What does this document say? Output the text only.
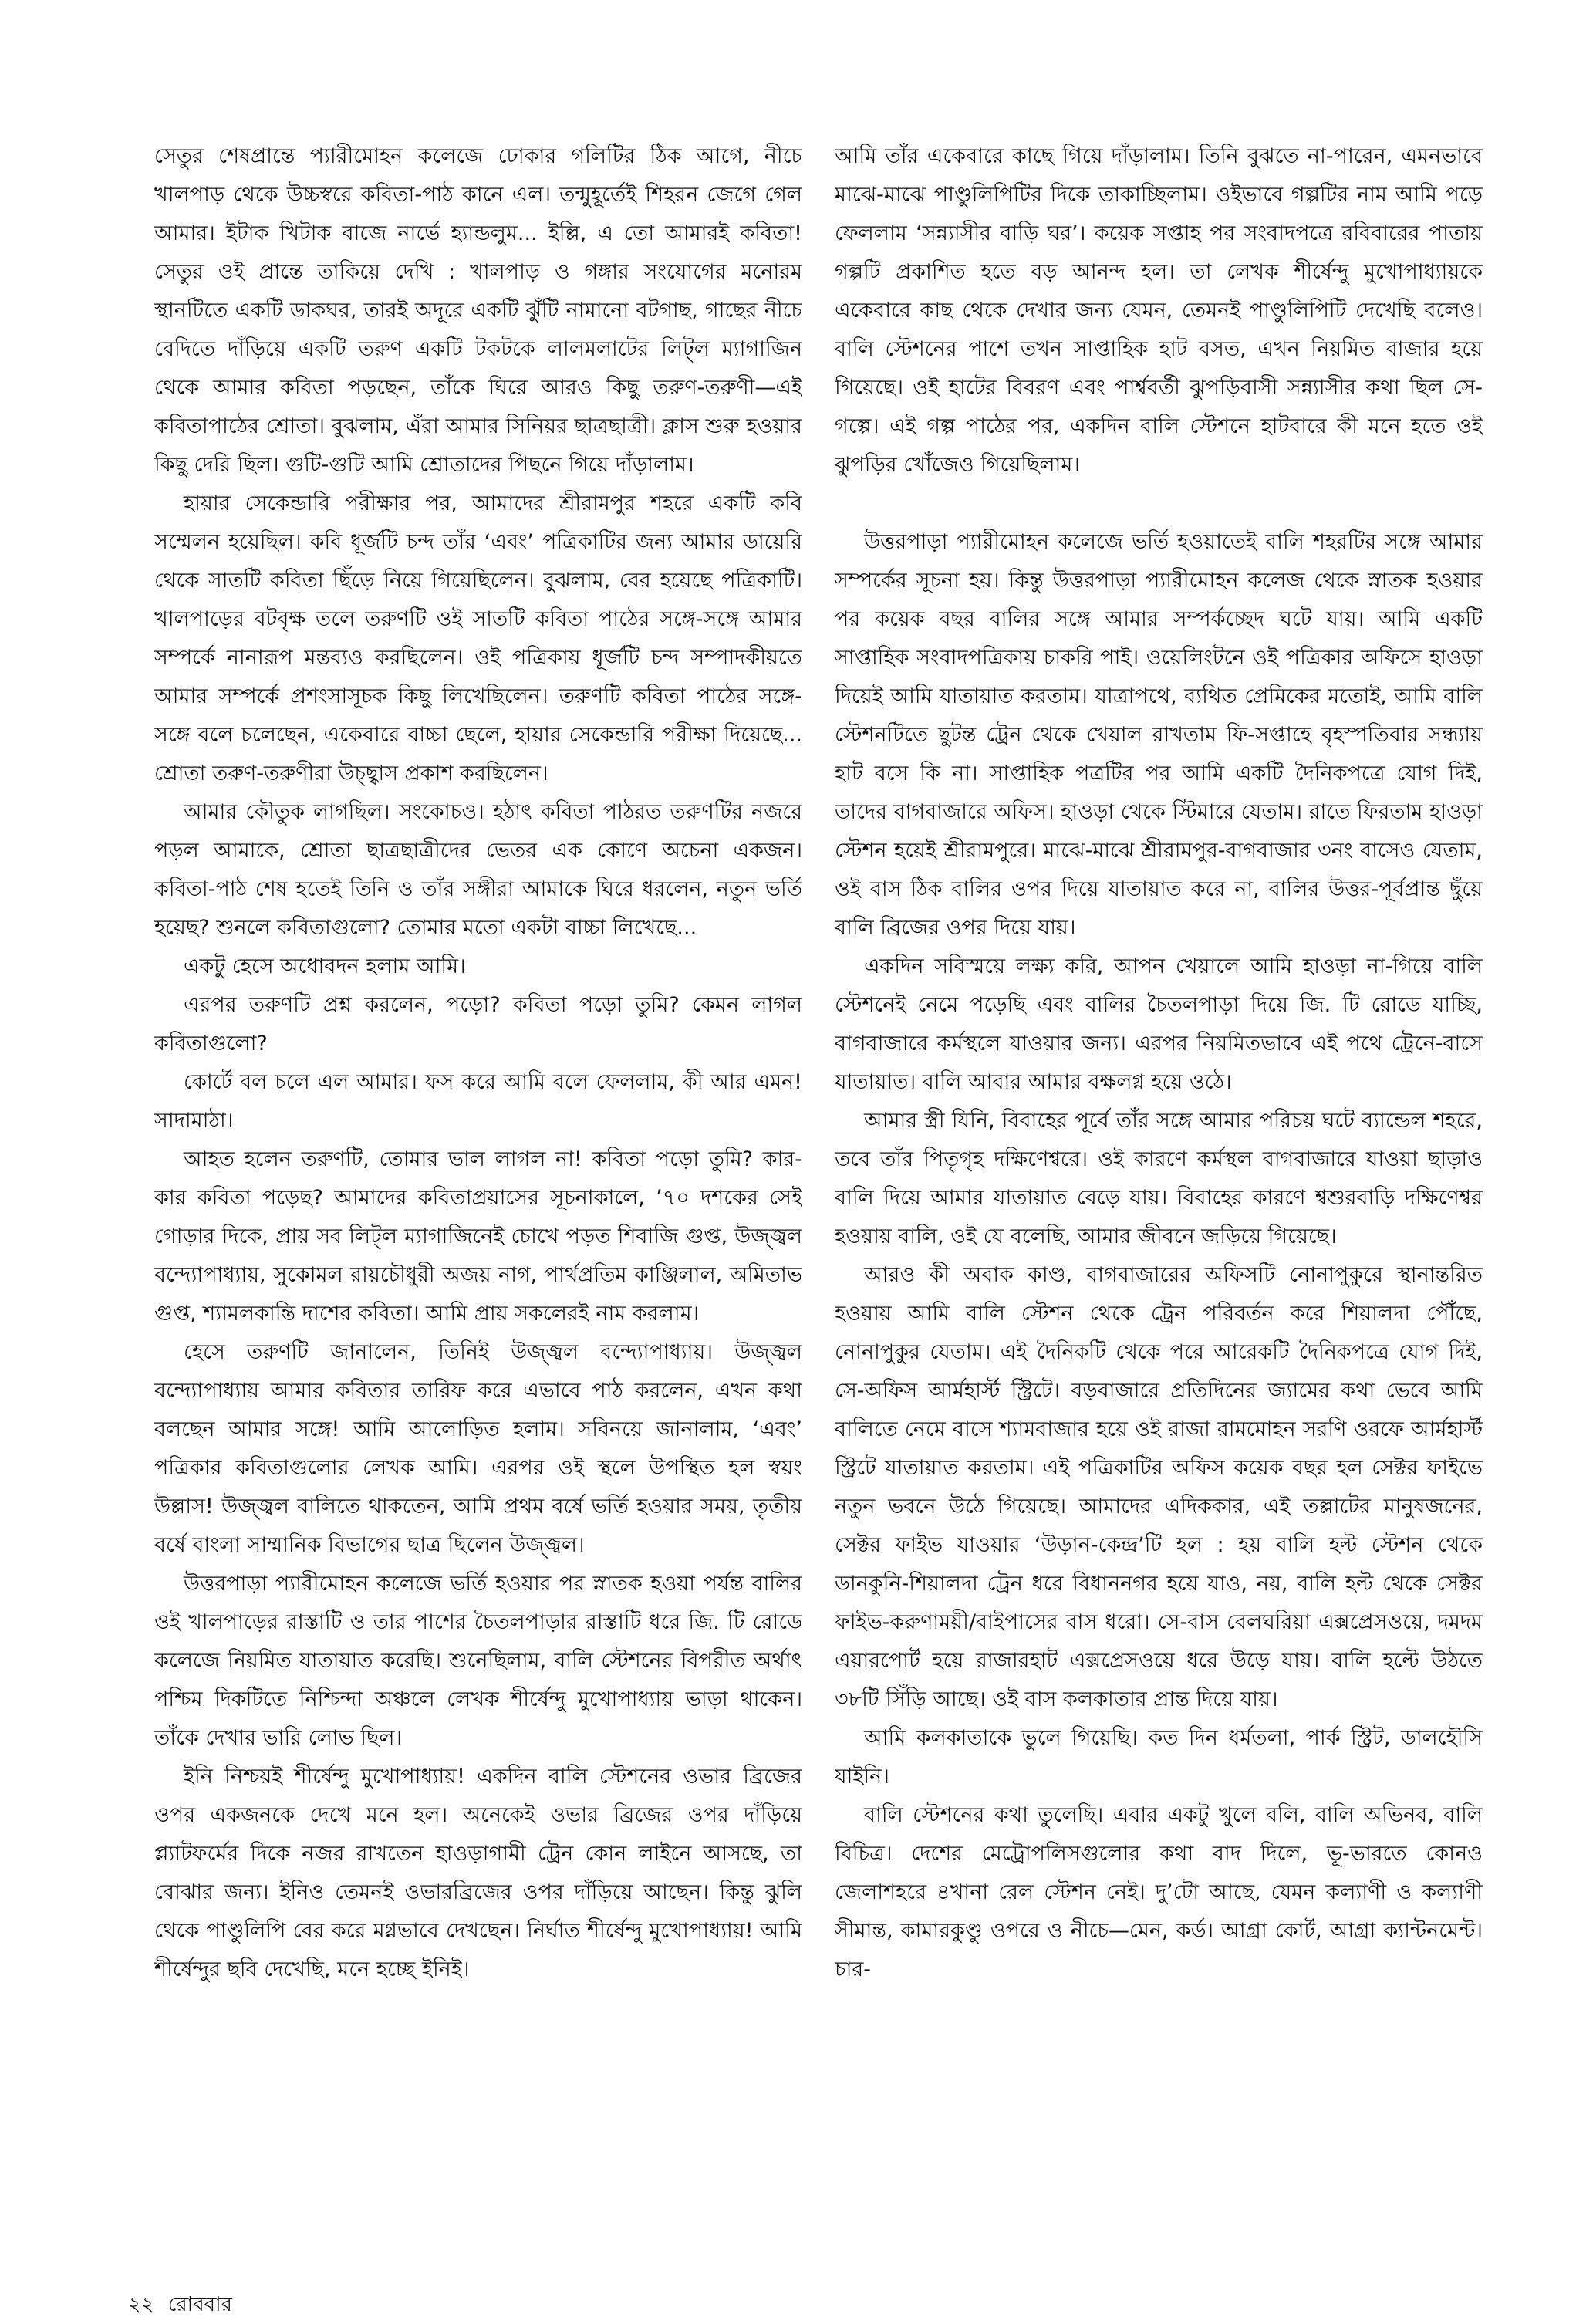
সেতুর শেষপ্রান্তে প্যারীমোহন কলেজে ঢোকার গলিটির ঠিক আগে, নীচে খালপাড় থেকে উচ্চস্বরে কবিতা-পাঠ কানে এল। তন্মুহূর্তেই শিহরন জেগে গেল আমার। ইটাক খিটাক বাজে নার্ভে হ্যান্ডলুম... ইল্লি, এ তো আমারই কবিতা! সেতুর ওই প্রান্তে তাকিয়ে দেখি : খালপাড় ও গঙ্গার সংযোগের মনোরম স্থানটিতে একটি ডাকঘর, তারই অদূরে একটি ঝুঁটি নামানো বটগাছ, গাছের নীচে বেদিতে দাঁড়িয়ে একটি তরুণ একটি টকটকে লালমলাটের লিট্‌ল ম্যাগাজিন থেকে আমার কবিতা পড়ছেন, তাঁকে ঘিরে আরও কিছু তরুণ-তরুণী—এই কবিতাপাঠের শ্রোতা। বুঝলাম, এঁরা আমার সিনিয়র ছাত্রছাত্রী। ক্লাস শুরু হওয়ার কিছু দেরি ছিল। গুটি-গুটি আমি শ্রোতাদের পিছনে গিয়ে দাঁড়ালাম।

হায়ার সেকেন্ডারি পরীক্ষার পর, আমাদের শ্রীরামপুর শহরে একটি কবি সম্মেলন হয়েছিল। কবি ধূর্জটি চন্দ তাঁর ‘এবং’ পত্রিকাটির জন্য আমার ডায়েরি থেকে সাতটি কবিতা ছিঁড়ে নিয়ে গিয়েছিলেন। বুঝলাম, বের হয়েছে পত্রিকাটি। খালপাড়ের বটবৃক্ষ তলে তরুণটি ওই সাতটি কবিতা পাঠের সঙ্গে-সঙ্গে আমার সম্পর্কে নানারূপ মন্তব্যও করছিলেন। ওই পত্রিকায় ধূর্জটি চন্দ সম্পাদকীয়তে আমার সম্পর্কে প্রশংসাসূচক কিছু লিখেছিলেন। তরুণটি কবিতা পাঠের সঙ্গে-সঙ্গে বলে চলেছেন, একেবারে বাচ্চা ছেলে, হায়ার সেকেন্ডারি পরীক্ষা দিয়েছে... শ্রোতা তরুণ-তরুণীরা উচ্ছ্বাস প্রকাশ করছিলেন।

আমার কৌতুক লাগছিল। সংকোচও। হঠাৎ কবিতা পাঠরত তরুণটির নজরে পড়ল আমাকে, শ্রোতা ছাত্রছাত্রীদের ভেতর এক কোণে অচেনা একজন। কবিতা-পাঠ শেষ হতেই তিনি ও তাঁর সঙ্গীরা আমাকে ঘিরে ধরলেন, নতুন ভর্তি হয়েছ? শুনলে কবিতাগুলো? তোমার মতো একটা বাচ্চা লিখেছে...

একটু হেসে অধোবদন হলাম আমি।

এরপর তরুণটি প্রশ্ন করলেন, পড়ো? কবিতা পড়ো তুমি? কেমন লাগল কবিতাগুলো?

কোর্টে বল চলে এল আমার। ফস করে আমি বলে ফেললাম, কী আর এমন! সাদামাঠা।

আহত হলেন তরুণটি, তোমার ভাল লাগল না! কবিতা পড়ো তুমি? কার-কার কবিতা পড়েছ? আমাদের কবিতাপ্রয়াসের সূচনাকালে, ’৭০ দশকের সেই গোড়ার দিকে, প্রায় সব লিট্‌ল ম্যাগাজিনেই চোখে পড়ত শিবাজি গুপ্ত, উজ্জ্বল বন্দ্যোপাধ্যায়, সুকোমল রায়চৌধুরী অজয় নাগ, পার্থপ্রতিম কাঞ্জিলাল, অমিতাভ গুপ্ত, শ্যামলকান্তি দাশের কবিতা। আমি প্রায় সকলেরই নাম করলাম।

হেসে তরুণটি জানালেন, তিনিই উজ্জ্বল বন্দ্যোপাধ্যায়। উজ্জ্বল বন্দ্যোপাধ্যায় আমার কবিতার তারিফ করে এভাবে পাঠ করলেন, এখন কথা বলছেন আমার সঙ্গে! আমি আলোড়িত হলাম। সবিনয়ে জানালাম, ‘এবং’ পত্রিকার কবিতাগুলোর লেখক আমি। এরপর ওই স্থলে উপস্থিত হল স্বয়ং উল্লাস! উজ্জ্বল বালিতে থাকতেন, আমি প্রথম বর্ষে ভর্তি হওয়ার সময়, তৃতীয় বর্ষে বাংলা সাম্মানিক বিভাগের ছাত্র ছিলেন উজ্জ্বল।

উত্তরপাড়া প্যারীমোহন কলেজে ভর্তি হওয়ার পর স্নাতক হওয়া পর্যন্ত বালির ওই খালপাড়ের রাস্তাটি ও তার পাশের চৈতলপাড়ার রাস্তাটি ধরে জি. টি রোডে কলেজে নিয়মিত যাতায়াত করেছি। শুনেছিলাম, বালি স্টেশনের বিপরীত অর্থাৎ পশ্চিম দিকটিতে নিশ্চিন্দা অঞ্চলে লেখক শীর্ষেন্দু মুখোপাধ্যায় ভাড়া থাকেন। তাঁকে দেখার ভারি লোভ ছিল।

ইনি নিশ্চয়ই শীর্ষেন্দু মুখোপাধ্যায়! একদিন বালি স্টেশনের ওভার ব্রিজের ওপর একজনকে দেখে মনে হল। অনেকেই ওভার ব্রিজের ওপর দাঁড়িয়ে প্ল্যাটফর্মের দিকে নজর রাখতেন হাওড়াগামী ট্রেন কোন লাইনে আসছে, তা বোঝার জন্য। ইনিও তেমনই ওভারব্রিজের ওপর দাঁড়িয়ে আছেন। কিন্তু ঝুলি থেকে পাণ্ডুলিপি বের করে মগ্নভাবে দেখছেন। নির্ঘাত শীর্ষেন্দু মুখোপাধ্যায়! আমি শীর্ষেন্দুর ছবি দেখেছি, মনে হচ্ছে ইনিই।

আমি তাঁর একেবারে কাছে গিয়ে দাঁড়ালাম। তিনি বুঝতে না-পারেন, এমনভাবে মাঝে-মাঝে পাণ্ডুলিপিটির দিকে তাকাচ্ছিলাম। ওইভাবে গল্পটির নাম আমি পড়ে ফেললাম ‘সন্ন্যাসীর বাড়ি ঘর’। কয়েক সপ্তাহ পর সংবাদপত্রে রবিবারের পাতায় গল্পটি প্রকাশিত হতে বড় আনন্দ হল। তা লেখক শীর্ষেন্দু মুখোপাধ্যায়কে একেবারে কাছ থেকে দেখার জন্য যেমন, তেমনই পাণ্ডুলিপিটি দেখেছি বলেও। বালি স্টেশনের পাশে তখন সাপ্তাহিক হাট বসত, এখন নিয়মিত বাজার হয়ে গিয়েছে। ওই হাটের বিবরণ এবং পার্শ্ববর্তী ঝুপড়িবাসী সন্ন্যাসীর কথা ছিল সে-গল্পে। এই গল্প পাঠের পর, একদিন বালি স্টেশনে হাটবারে কী মনে হতে ওই ঝুপড়ির খোঁজেও গিয়েছিলাম।

উত্তরপাড়া প্যারীমোহন কলেজে ভর্তি হওয়াতেই বালি শহরটির সঙ্গে আমার সম্পর্কের সূচনা হয়। কিন্তু উত্তরপাড়া প্যারীমোহন কলেজ থেকে স্নাতক হওয়ার পর কয়েক বছর বালির সঙ্গে আমার সম্পর্কচ্ছেদ ঘটে যায়। আমি একটি সাপ্তাহিক সংবাদপত্রিকায় চাকরি পাই। ওয়েলিংটনে ওই পত্রিকার অফিসে হাওড়া দিয়েই আমি যাতায়াত করতাম। যাত্রাপথে, ব্যথিত প্রেমিকের মতোই, আমি বালি স্টেশনটিতে ছুটন্ত ট্রেন থেকে খেয়াল রাখতাম ফি-সপ্তাহে বৃহস্পতিবার সন্ধ্যায় হাট বসে কি না। সাপ্তাহিক পত্রটির পর আমি একটি দৈনিকপত্রে যোগ দিই, তাদের বাগবাজারে অফিস। হাওড়া থেকে স্টিমারে যেতাম। রাতে ফিরতাম হাওড়া স্টেশন হয়েই শ্রীরামপুরে। মাঝে-মাঝে শ্রীরামপুর-বাগবাজার ৩নং বাসেও যেতাম, ওই বাস ঠিক বালির ওপর দিয়ে যাতায়াত করে না, বালির উত্তর-পূর্বপ্রান্ত ছুঁয়ে বালি ব্রিজের ওপর দিয়ে যায়।

একদিন সবিস্ময়ে লক্ষ্য করি, আপন খেয়ালে আমি হাওড়া না-গিয়ে বালি স্টেশনেই নেমে পড়েছি এবং বালির চৈতলপাড়া দিয়ে জি. টি রোডে যাচ্ছি, বাগবাজারে কর্মস্থলে যাওয়ার জন্য। এরপর নিয়মিতভাবে এই পথে ট্রেনে-বাসে যাতায়াত। বালি আবার আমার বক্ষলগ্ন হয়ে ওঠে।

আমার স্ত্রী যিনি, বিবাহের পূর্বে তাঁর সঙ্গে আমার পরিচয় ঘটে ব্যান্ডেল শহরে, তবে তাঁর পিতৃগৃহ দক্ষিণেশ্বরে। ওই কারণে কর্মস্থল বাগবাজারে যাওয়া ছাড়াও বালি দিয়ে আমার যাতায়াত বেড়ে যায়। বিবাহের কারণে শ্বশুরবাড়ি দক্ষিণেশ্বর হওয়ায় বালি, ওই যে বলেছি, আমার জীবনে জড়িয়ে গিয়েছে।

আরও কী অবাক কাণ্ড, বাগবাজারের অফিসটি নোনাপুকুরে স্থানান্তরিত হওয়ায় আমি বালি স্টেশন থেকে ট্রেন পরিবর্তন করে শিয়ালদা পৌঁছে, নোনাপুকুর যেতাম। এই দৈনিকটি থেকে পরে আরেকটি দৈনিকপত্রে যোগ দিই, সে-অফিস আর্মহার্স্ট স্ট্রিটে। বড়বাজারে প্রতিদিনের জ্যামের কথা ভেবে আমি বালিতে নেমে বাসে শ্যামবাজার হয়ে ওই রাজা রামমোহন সরণি ওরফে আর্মহার্স্ট স্ট্রিটে যাতায়াত করতাম। এই পত্রিকাটির অফিস কয়েক বছর হল সেক্টর ফাইভে নতুন ভবনে উঠে গিয়েছে। আমাদের এদিককার, এই তল্লাটের মানুষজনের, সেক্টর ফাইভ যাওয়ার ‘উড়ান-কেন্দ্র’টি হল : হয় বালি হল্ট স্টেশন থেকে ডানকুনি-শিয়ালদা ট্রেন ধরে বিধাননগর হয়ে যাও, নয়, বালি হল্ট থেকে সেক্টর ফাইভ-করুণাময়ী/বাইপাসের বাস ধরো। সে-বাস বেলঘরিয়া এক্সপ্রেসওয়ে, দমদম এয়ারপোর্ট হয়ে রাজারহাট এক্সপ্রেসওয়ে ধরে উড়ে যায়। বালি হল্টে উঠতে ৩৮টি সিঁড়ি আছে। ওই বাস কলকাতার প্রান্ত দিয়ে যায়।

আমি কলকাতাকে ভুলে গিয়েছি। কত দিন ধর্মতলা, পার্ক স্ট্রিট, ডালহৌসি যাইনি।

বালি স্টেশনের কথা তুলেছি। এবার একটু খুলে বলি, বালি অভিনব, বালি বিচিত্র। দেশের মেট্রোপলিসগুলোর কথা বাদ দিলে, ভূ-ভারতে কোনও জেলাশহরে ৪খানা রেল স্টেশন নেই। দু’টো আছে, যেমন কল্যাণী ও কল্যাণী সীমান্ত, কামারকুণ্ডু ওপরে ও নীচে—মেন, কর্ড। আগ্রা কোর্ট, আগ্রা ক্যান্টনমেন্ট। চার-

২২ রোববার
